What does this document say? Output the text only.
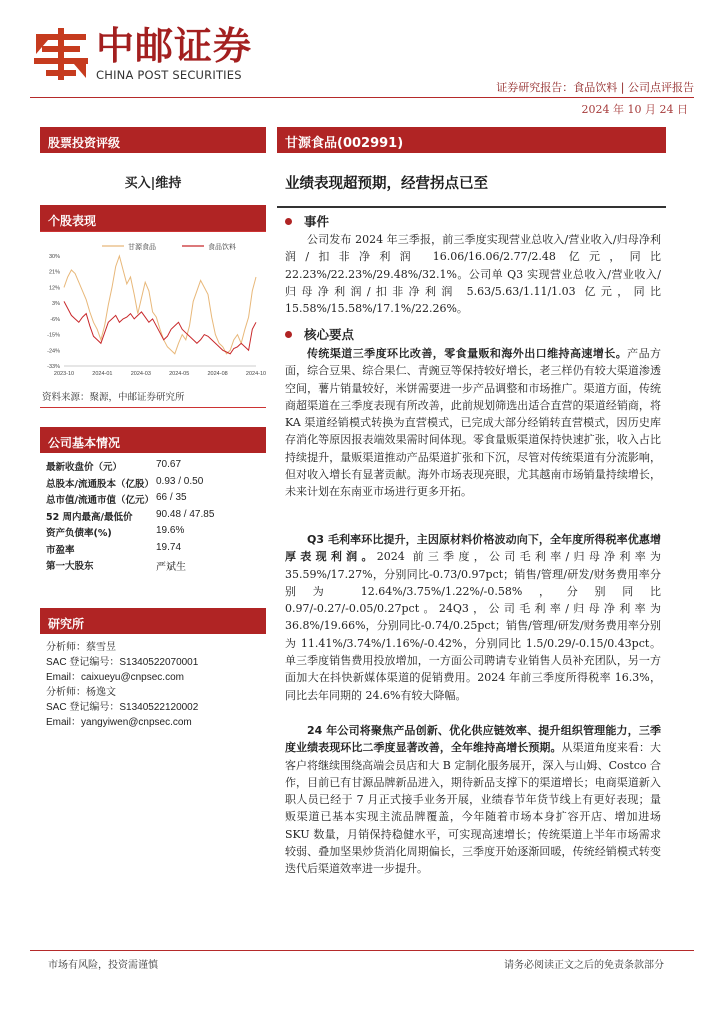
中邮证券
CHINA POST SECURITIES
证券研究报告：食品饮料 | 公司点评报告
2024 年 10 月 24 日
股票投资评级
买入|维持
个股表现
甘源食品	食品饮料
30%
21%
12%
3%
-6%
-15%
-24%
-33%
2023-10	2024-01	2024-03	2024-05	2024-08	2024-10
资料来源：聚源，中邮证券研究所
公司基本情况
最新收盘价（元）	70.67
总股本/流通股本（亿股） 0.93 / 0.50
总市值/流通市值（亿元） 66 / 35
52 周内最高/最低价 90.48 / 47.85
资产负债率(%)	19.6%
市盈率	19.74
第一大股东	严斌生
研究所
分析师：蔡雪昱
SAC 登记编号：S1340522070001
Email：caixueyu@cnpsec.com
分析师：杨逸文
SAC 登记编号：S1340522120002
Email：yangyiwen@cnpsec.com
甘源食品(002991)
业绩表现超预期，经营拐点已至
事件
公司发布 2024 年三季报，前三季度实现营业总收入/营业收入/归母净利润/扣非净利润 16.06/16.06/2.77/2.48 亿元，同比 22.23%/22.23%/29.48%/32.1%。公司单 Q3 实现营业总收入/营业收入/归母净利润/扣非净利润 5.63/5.63/1.11/1.03 亿元，同比 15.58%/15.58%/17.1%/22.26%。
核心要点
传统渠道三季度环比改善，零食量贩和海外出口维持高速增长。产品方面，综合豆果、综合果仁、青豌豆等保持较好增长，老三样仍有较大渠道渗透空间，薯片销量较好，米饼需要进一步产品调整和市场推广。渠道方面，传统商超渠道在三季度表现有所改善，此前规划筛选出适合直营的渠道经销商，将 KA 渠道经销模式转换为直营模式，已完成大部分经销转直营模式，因历史库存消化等原因报表端效果需时间体现。零食量贩渠道保持快速扩张，收入占比持续提升，量贩渠道推动产品渠道扩张和下沉，尽管对传统渠道有分流影响，但对收入增长有显著贡献。海外市场表现亮眼，尤其越南市场销量持续增长，未来计划在东南亚市场进行更多开拓。
Q3 毛利率环比提升，主因原材料价格波动向下，全年度所得税率优惠增厚表现利润。2024 前三季度，公司毛利率/归母净利率为 35.59%/17.27%，分别同比-0.73/0.97pct；销售/管理/研发/财务费用率分别为 12.64%/3.75%/1.22%/-0.58%，分别同比 0.97/-0.27/-0.05/0.27pct。24Q3，公司毛利率/归母净利率为 36.8%/19.66%，分别同比-0.74/0.25pct；销售/管理/研发/财务费用率分别为 11.41%/3.74%/1.16%/-0.42%，分别同比 1.5/0.29/-0.15/0.43pct。单三季度销售费用投放增加，一方面公司聘请专业销售人员补充团队，另一方面加大在抖快新媒体渠道的促销费用。2024 年前三季度所得税率 16.3%，同比去年同期的 24.6%有较大降幅。
24 年公司将聚焦产品创新、优化供应链效率、提升组织管理能力，三季度业绩表现环比二季度显著改善，全年维持高增长预期。从渠道角度来看：大客户将继续围绕高端会员店和大 B 定制化服务展开，深入与山姆、Costco 合作，目前已有甘源品牌新品进入，期待新品支撑下的渠道增长；电商渠道新入职人员已经于 7 月正式接手业务开展，业绩春节年货节线上有更好表现；量贩渠道已基本实现主流品牌覆盖，今年随着市场本身扩容开店、增加进场 SKU 数量，月销保持稳健水平，可实现高速增长；传统渠道上半年市场需求较弱、叠加坚果炒货消化周期偏长，三季度开始逐渐回暖，传统经销模式转变迭代后渠道效率进一步提升。
市场有风险，投资需谨慎	请务必阅读正文之后的免责条款部分
